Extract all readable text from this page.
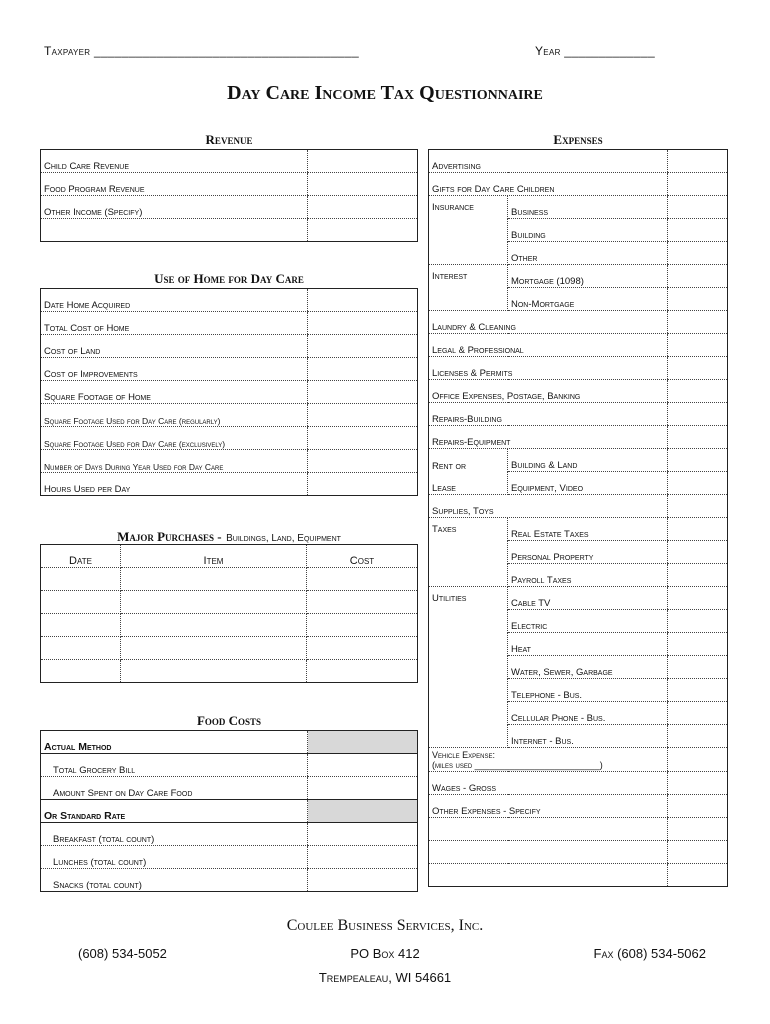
Taxpayer ______________________________________	Year _____________
Day Care Income Tax Questionnaire
Revenue
Child Care Revenue	
Food Program Revenue	
Other Income (Specify)	

Use of Home for Day Care
Date Home Acquired	
Total Cost of Home	
Cost of Land	
Cost of Improvements	
Square Footage of Home	
Square Footage Used for Day Care (regularly)	
Square Footage Used for Day Care (exclusively)	
Number of Days During Year Used for Day Care	
Hours Used per Day	
Major Purchases - Buildings, Land, Equipment
Date	Item	Cost

Food Costs
Actual Method	
Total Grocery Bill	
Amount Spent on Day Care Food	
Or Standard Rate	
Breakfast (total count)	
Lunches (total count)	
Snacks (total count)	
Expenses
Advertising		
Gifts for Day Care Children		
Insurance	Business	
	Building	
	Other	
Interest	Mortgage (1098)	
	Non-Mortgage	
Laundry & Cleaning		
Legal & Professional		
Licenses & Permits		
Office Expenses, Postage, Banking		
Repairs-Building		
Repairs-Equipment		
Rent or	Building & Land	
Lease	Equipment, Video	
Supplies, Toys		
Taxes	Real Estate Taxes	
	Personal Property	
	Payroll Taxes	
Utilities	Cable TV	
	Electric	
	Heat	
	Water, Sewer, Garbage	
	Telephone - Bus.	
	Cellular Phone - Bus.	
	Internet - Bus.	
Vehicle Expense:
(miles used _________________________)		
Wages - Gross		
Other Expenses - Specify		

Coulee Business Services, Inc.
(608) 534-5052	PO Box 412	Fax (608) 534-5062
Trempealeau, WI 54661
